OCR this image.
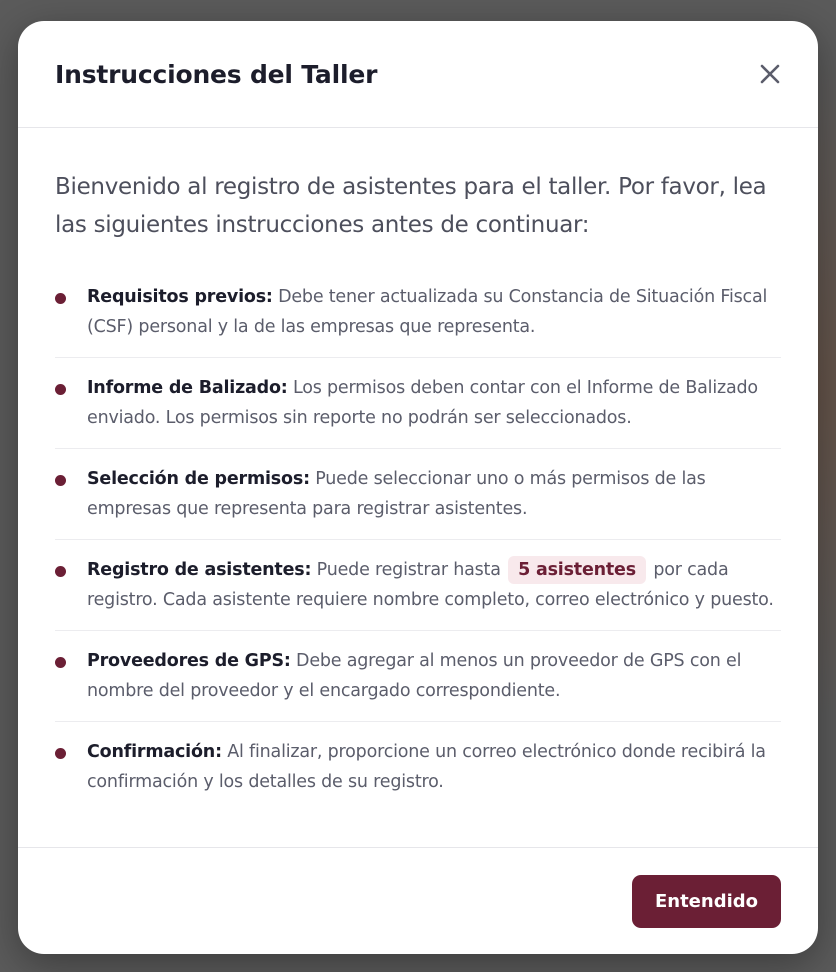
Instrucciones del Taller

Bienvenido al registro de asistentes para el taller. Por favor, lea las siguientes instrucciones antes de continuar:

Requisitos previos: Debe tener actualizada su Constancia de Situación Fiscal (CSF) personal y la de las empresas que representa.
Informe de Balizado: Los permisos deben contar con el Informe de Balizado enviado. Los permisos sin reporte no podrán ser seleccionados.
Selección de permisos: Puede seleccionar uno o más permisos de las empresas que representa para registrar asistentes.
Registro de asistentes: Puede registrar hasta 5 asistentes por cada registro. Cada asistente requiere nombre completo, correo electrónico y puesto.
Proveedores de GPS: Debe agregar al menos un proveedor de GPS con el nombre del proveedor y el encargado correspondiente.
Confirmación: Al finalizar, proporcione un correo electrónico donde recibirá la confirmación y los detalles de su registro.
Entendido
